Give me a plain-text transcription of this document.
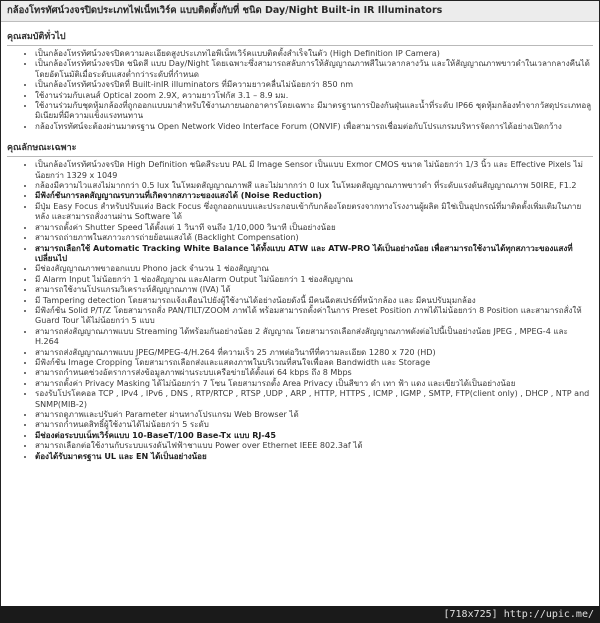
กล้องโทรทัศน์วงจรปิดประเภทไฟเน็ทเวิร์ค แบบติดตั้งกับที่ ชนิด Day/Night Built-in IR Illuminators
คุณสมบัติทั่วไป
• เป็นกล้องโทรทัศน์วงจรปิดความละเอียดสูงประเภทไอพีเน็ทเวิร์คแบบติดตั้งสำเร็จในตัว (High Definition IP Camera)
• เป็นกล้องโทรทัศน์วงจรปิด ชนิดสี แบบ Day/Night โดยเฉพาะซึ่งสามารถสลับการให้สัญญาณภาพสีในเวลากลางวัน และให้สัญญาณภาพขาวดำในเวลากลางคืนได้โดยอัตโนมัติเมื่อระดับแสงต่ำกว่าระดับที่กำหนด
• เป็นกล้องโทรทัศน์วงจรปิดที่ Built-inIR illuminators ที่มีความยาวคลื่นไม่น้อยกว่า 850 nm
• ใช้งานร่วมกับเลนส์ Optical zoom 2.9X, ความยาวโฟกัส 3.1 – 8.9 มม.
• ใช้งานร่วมกับชุดหุ้มกล้องที่ถูกออกแบบมาสำหรับใช้งานภายนอกอาคารโดยเฉพาะ มีมาตรฐานการป้องกันฝุ่นและน้ำที่ระดับ IP66 ชุดหุ้มกล้องทำจากวัสดุประเภทอลูมิเนียมที่มีความแข็งแรงทนทาน
• กล้องโทรทัศน์จะต้องผ่านมาตรฐาน Open Network Video Interface Forum (ONVIF) เพื่อสามารถเชื่อมต่อกับโปรแกรมบริหารจัดการได้อย่างเปิดกว้าง
คุณลักษณะเฉพาะ
• เป็นกล้องโทรทัศน์วงจรปิด High Definition ชนิดสีระบบ PAL มี Image Sensor เป็นแบบ Exmor CMOS ขนาด ไม่น้อยกว่า 1/3 นิ้ว และ Effective Pixels ไม่น้อยกว่า 1329 x 1049
• กล้องมีความไวแสงไม่มากกว่า 0.5 lux ในโหมดสัญญาณภาพสี และไม่มากกว่า 0 lux ในโหมดสัญญาณภาพขาวดำ ที่ระดับแรงดันสัญญาณภาพ 50IRE, F1.2
• มีฟังก์ชันการลดสัญญาณรบกวนที่เกิดจากสภาวะของแสงได้ (Noise Reduction)
• มีปุ่ม Easy Focus สำหรับปรับแต่ง Back Focus ซึ่งถูกออกแบบและประกอบเข้ากับกล้องโดยตรงจากทางโรงงานผู้ผลิต มิใช่เป็นอุปกรณ์ที่มาติดตั้งเพิ่มเติมในภายหลัง และสามารถสั่งงานผ่าน Software ได้
• สามารถตั้งค่า Shutter Speed ได้ตั้งแต่ 1 วินาที จนถึง 1/10,000 วินาที เป็นอย่างน้อย
• สามารถถ่ายภาพในสภาวะการถ่ายย้อนแสงได้ (Backlight Compensation)
• สามารถเลือกใช้ Automatic Tracking White Balance ได้ทั้งแบบ ATW และ ATW-PRO ได้เป็นอย่างน้อย เพื่อสามารถใช้งานได้ทุกสภาวะของแสงที่เปลี่ยนไป
• มีช่องสัญญาณภาพขาออกแบบ Phono jack จำนวน 1 ช่องสัญญาณ
• มี Alarm Input ไม่น้อยกว่า 1 ช่องสัญญาณ และAlarm Output ไม่น้อยกว่า 1 ช่องสัญญาณ
• สามารถใช้งานโปรแกรมวิเคราะห์สัญญาณภาพ (IVA) ได้
• มี Tampering detection โดยสามารถแจ้งเตือนไปยังผู้ใช้งานได้อย่างน้อยดังนี้ มีคนฉีดสเปรย์ที่หน้ากล้อง และ มีคนปรับมุมกล้อง
• มีฟังก์ชัน Solid P/T/Z โดยสามารถสั่ง PAN/TILT/ZOOM ภาพได้ พร้อมสามารถตั้งค่าในการ Preset Position ภาพได้ไม่น้อยกว่า 8 Position และสามารถสั่งให้ Guard Tour ได้ไม่น้อยกว่า 5 แบบ
• สามารถส่งสัญญาณภาพแบบ Streaming ได้พร้อมกันอย่างน้อย 2 สัญญาณ โดยสามารถเลือกส่งสัญญาณภาพดังต่อไปนี้เป็นอย่างน้อย JPEG , MPEG-4 และ H.264
• สามารถส่งสัญญาณภาพแบบ JPEG/MPEG-4/H.264 ที่ความเร็ว 25 ภาพต่อวินาทีที่ความละเอียด 1280 x 720 (HD)
• มีฟังก์ชัน Image Cropping โดยสามารถเลือกส่งและแสดงภาพในบริเวณที่สนใจเพื่อลด Bandwidth และ Storage
• สามารถกำหนดช่วงอัตราการส่งข้อมูลภาพผ่านระบบเครือข่ายได้ตั้งแต่ 64 kbps ถึง 8 Mbps
• สามารถตั้งค่า Privacy Masking ได้ไม่น้อยกว่า 7 โซน โดยสามารถตั้ง Area Privacy เป็นสีขาว ดำ เทา ฟ้า แดง และเขียวได้เป็นอย่างน้อย
• รองรับโปรโตคอล TCP , IPv4 , IPv6 , DNS , RTP/RTCP , RTSP ,UDP , ARP , HTTP, HTTPS , ICMP , IGMP , SMTP, FTP(client only) , DHCP , NTP and SNMP(MIB-2)
• สามารถดูภาพและปรับค่า Parameter ผ่านทางโปรแกรม Web Browser ได้
• สามารถกำหนดสิทธิ์ผู้ใช้งานได้ไม่น้อยกว่า 5 ระดับ
• มีช่องต่อระบบเน็ทเวิร์คแบบ 10-BaseT/100 Base-Tx แบบ RJ-45
• สามารถเลือกต่อใช้งานกับระบบแรงดันไฟฟ้าชาแบบ Power over Ethernet IEEE 802.3af ได้
• ต้องได้รับมาตรฐาน UL และ EN ได้เป็นอย่างน้อย
[718x725] http://upic.me/
